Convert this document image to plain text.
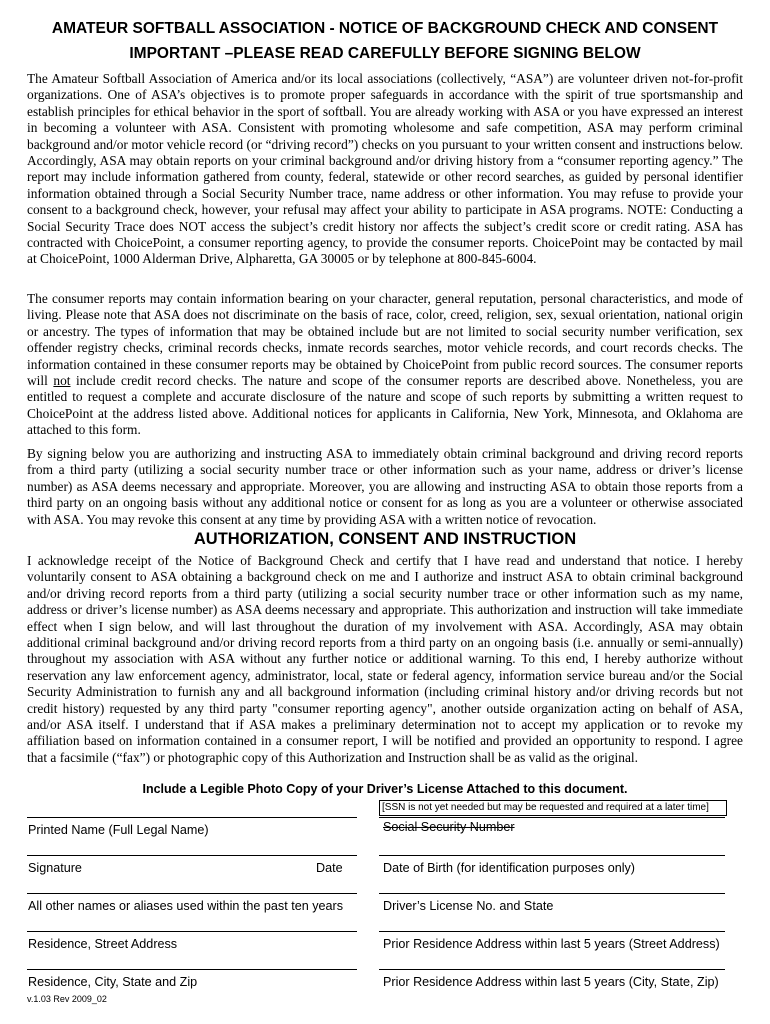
AMATEUR SOFTBALL ASSOCIATION - NOTICE OF BACKGROUND CHECK AND CONSENT
IMPORTANT –PLEASE READ CAREFULLY BEFORE SIGNING BELOW

The Amateur Softball Association of America and/or its local associations (collectively, “ASA”) are volunteer driven not-for-profit organizations. One of ASA’s objectives is to promote proper safeguards in accordance with the spirit of true sportsmanship and establish principles for ethical behavior in the sport of softball. You are already working with ASA or you have expressed an interest in becoming a volunteer with ASA. Consistent with promoting wholesome and safe competition, ASA may perform criminal background and/or motor vehicle record (or “driving record”) checks on you pursuant to your written consent and instructions below. Accordingly, ASA may obtain reports on your criminal background and/or driving history from a “consumer reporting agency.” The report may include information gathered from county, federal, statewide or other record searches, as guided by personal identifier information obtained through a Social Security Number trace, name address or other information. You may refuse to provide your consent to a background check, however, your refusal may affect your ability to participate in ASA programs. NOTE: Conducting a Social Security Trace does NOT access the subject’s credit history nor affects the subject’s credit score or credit rating. ASA has contracted with ChoicePoint, a consumer reporting agency, to provide the consumer reports. ChoicePoint may be contacted by mail at ChoicePoint, 1000 Alderman Drive, Alpharetta, GA 30005 or by telephone at 800-845-6004.

The consumer reports may contain information bearing on your character, general reputation, personal characteristics, and mode of living. Please note that ASA does not discriminate on the basis of race, color, creed, religion, sex, sexual orientation, national origin or ancestry. The types of information that may be obtained include but are not limited to social security number verification, sex offender registry checks, criminal records checks, inmate records searches, motor vehicle records, and court records checks. The information contained in these consumer reports may be obtained by ChoicePoint from public record sources. The consumer reports will not include credit record checks. The nature and scope of the consumer reports are described above. Nonetheless, you are entitled to request a complete and accurate disclosure of the nature and scope of such reports by submitting a written request to ChoicePoint at the address listed above. Additional notices for applicants in California, New York, Minnesota, and Oklahoma are attached to this form.

By signing below you are authorizing and instructing ASA to immediately obtain criminal background and driving record reports from a third party (utilizing a social security number trace or other information such as your name, address or driver’s license number) as ASA deems necessary and appropriate. Moreover, you are allowing and instructing ASA to obtain those reports from a third party on an ongoing basis without any additional notice or consent for as long as you are a volunteer or otherwise associated with ASA. You may revoke this consent at any time by providing ASA with a written notice of revocation.

AUTHORIZATION, CONSENT AND INSTRUCTION

I acknowledge receipt of the Notice of Background Check and certify that I have read and understand that notice. I hereby voluntarily consent to ASA obtaining a background check on me and I authorize and instruct ASA to obtain criminal background and/or driving record reports from a third party (utilizing a social security number trace or other information such as my name, address or driver’s license number) as ASA deems necessary and appropriate. This authorization and instruction will take immediate effect when I sign below, and will last throughout the duration of my involvement with ASA. Accordingly, ASA may obtain additional criminal background and/or driving record reports from a third party on an ongoing basis (i.e. annually or semi-annually) throughout my association with ASA without any further notice or additional warning. To this end, I hereby authorize without reservation any law enforcement agency, administrator, local, state or federal agency, information service bureau and/or the Social Security Administration to furnish any and all background information (including criminal history and/or driving records but not credit history) requested by any third party "consumer reporting agency", another outside organization acting on behalf of ASA, and/or ASA itself. I understand that if ASA makes a preliminary determination not to accept my application or to revoke my affiliation based on information contained in a consumer report, I will be notified and provided an opportunity to respond. I agree that a facsimile (“fax”) or photographic copy of this Authorization and Instruction shall be as valid as the original.

Include a Legible Photo Copy of your Driver’s License Attached to this document.
[SSN is not yet needed but may be requested and required at a later time]
Printed Name (Full Legal Name)	Social Security Number
Signature	Date	Date of Birth (for identification purposes only)
All other names or aliases used within the past ten years	Driver’s License No. and State
Residence, Street Address	Prior Residence Address within last 5 years (Street Address)
Residence, City, State and Zip	Prior Residence Address within last 5 years (City, State, Zip)
v.1.03 Rev 2009_02
